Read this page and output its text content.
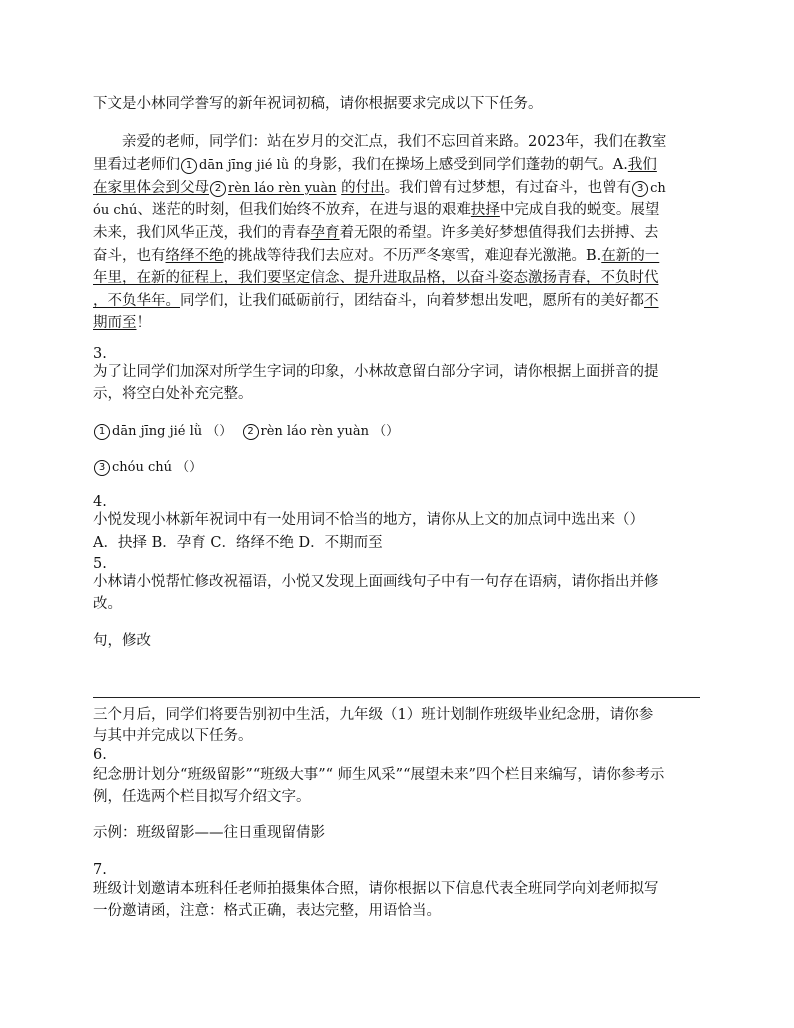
下文是小林同学誊写的新年祝词初稿，请你根据要求完成以下下任务。
亲爱的老师，同学们：站在岁月的交汇点，我们不忘回首来路。2023年，我们在教室
里看过老师们 1 dān jīng jié lǜ 的身影，我们在操场上感受到同学们蓬勃的朝气。A.我们
在家里体会到父母 2 rèn láo rèn yuàn 的付出。我们曾有过梦想，有过奋斗，也曾有 3 ch
óu chú、迷茫的时刻，但我们始终不放弃，在进与退的艰难抉择中完成自我的蜕变。展望
未来，我们风华正茂，我们的青春孕育着无限的希望。许多美好梦想值得我们去拼搏、去
奋斗，也有络绎不绝的挑战等待我们去应对。不历严冬寒雪，难迎春光激滟。B.在新的一
年里，在新的征程上，我们要坚定信念、提升进取品格，以奋斗姿态激扬青春，不负时代
，不负华年。同学们，让我们砥砺前行，团结奋斗，向着梦想出发吧，愿所有的美好都不
期而至！
3.
为了让同学们加深对所学生字词的印象，小林故意留白部分字词，请你根据上面拼音的提
示，将空白处补充完整。
1 dān jīng jié lǜ （） 2 rèn láo rèn yuàn （）
3 chóu chú （）
4.
小悦发现小林新年祝词中有一处用词不恰当的地方，请你从上文的加点词中选出来（）
A．抉择 B．孕育 C．络绎不绝 D．不期而至
5.
小林请小悦帮忙修改祝福语，小悦又发现上面画线句子中有一句存在语病，请你指出并修
改。
句，修改
三个月后，同学们将要告别初中生活，九年级（1）班计划制作班级毕业纪念册，请你参
与其中并完成以下任务。
6.
纪念册计划分“班级留影”“班级大事”“ 师生风采”“展望未来”四个栏目来编写，请你参考示
例，任选两个栏目拟写介绍文字。
示例：班级留影——往日重现留倩影
7.
班级计划邀请本班科任老师拍摄集体合照，请你根据以下信息代表全班同学向刘老师拟写
一份邀请函，注意：格式正确，表达完整，用语恰当。
